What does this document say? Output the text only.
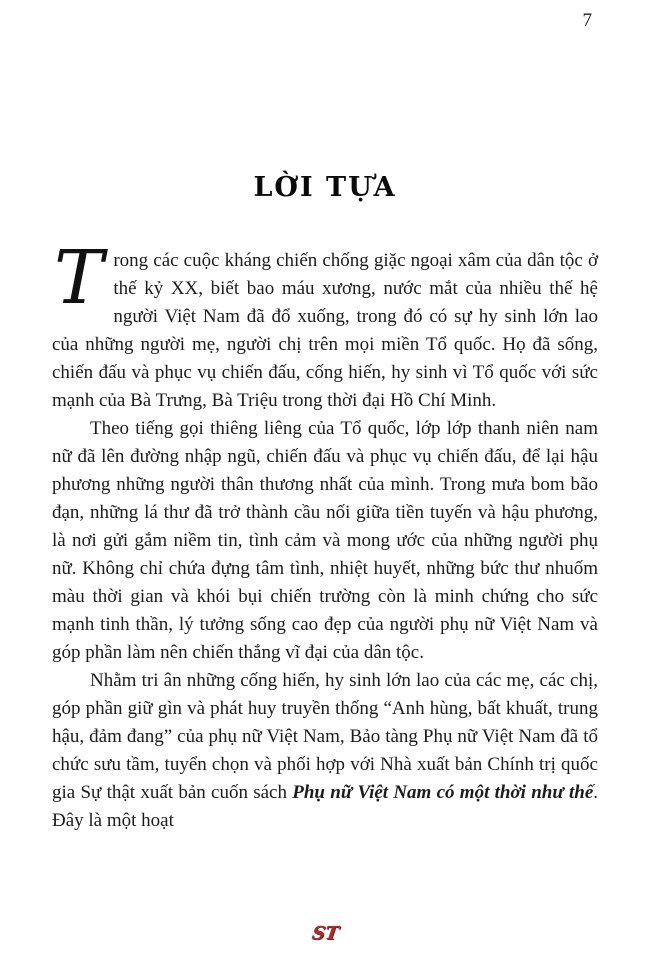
7
LỜI TỰA

Trong các cuộc kháng chiến chống giặc ngoại xâm của dân tộc ở thế kỷ XX, biết bao máu xương, nước mắt của nhiều thế hệ người Việt Nam đã đổ xuống, trong đó có sự hy sinh lớn lao của những người mẹ, người chị trên mọi miền Tổ quốc. Họ đã sống, chiến đấu và phục vụ chiến đấu, cống hiến, hy sinh vì Tổ quốc với sức mạnh của Bà Trưng, Bà Triệu trong thời đại Hồ Chí Minh.

Theo tiếng gọi thiêng liêng của Tổ quốc, lớp lớp thanh niên nam nữ đã lên đường nhập ngũ, chiến đấu và phục vụ chiến đấu, để lại hậu phương những người thân thương nhất của mình. Trong mưa bom bão đạn, những lá thư đã trở thành cầu nối giữa tiền tuyến và hậu phương, là nơi gửi gắm niềm tin, tình cảm và mong ước của những người phụ nữ. Không chỉ chứa đựng tâm tình, nhiệt huyết, những bức thư nhuốm màu thời gian và khói bụi chiến trường còn là minh chứng cho sức mạnh tinh thần, lý tưởng sống cao đẹp của người phụ nữ Việt Nam và góp phần làm nên chiến thắng vĩ đại của dân tộc.

Nhằm tri ân những cống hiến, hy sinh lớn lao của các mẹ, các chị, góp phần giữ gìn và phát huy truyền thống “Anh hùng, bất khuất, trung hậu, đảm đang” của phụ nữ Việt Nam, Bảo tàng Phụ nữ Việt Nam đã tổ chức sưu tầm, tuyển chọn và phối hợp với Nhà xuất bản Chính trị quốc gia Sự thật xuất bản cuốn sách Phụ nữ Việt Nam có một thời như thế. Đây là một hoạt

ST
